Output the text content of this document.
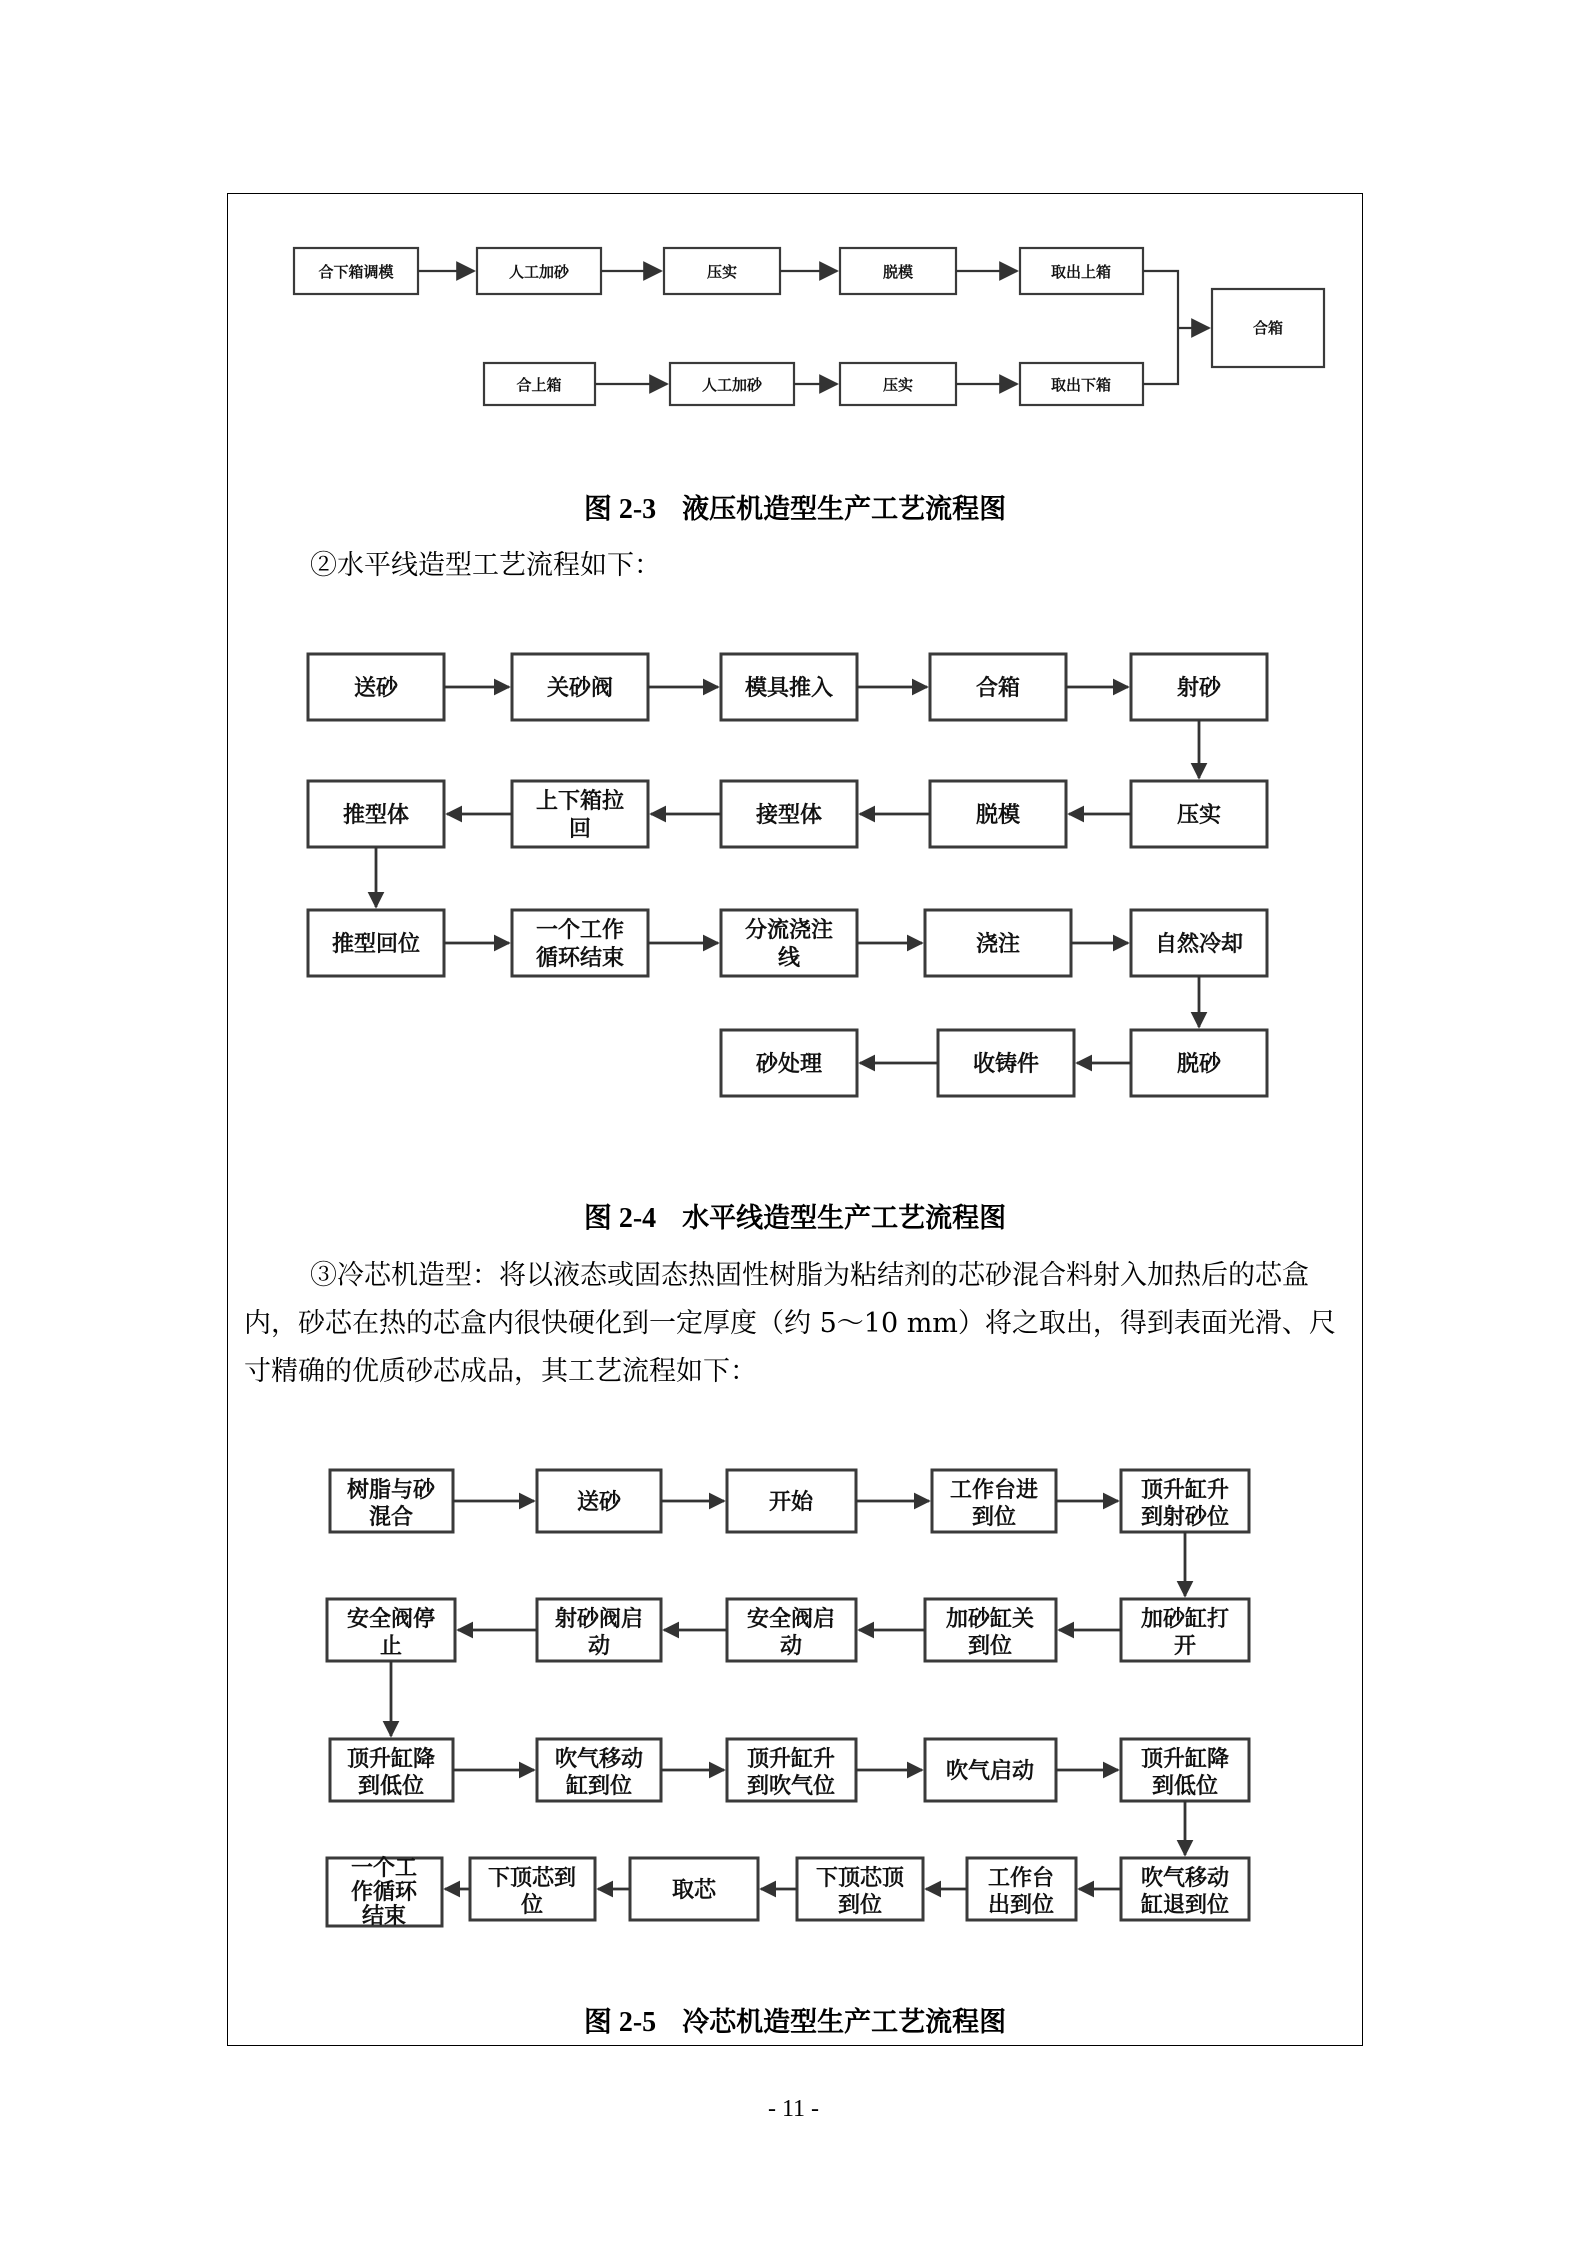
合下箱调模	人工加砂	压实	脱模	取出上箱
合上箱	人工加砂	压实	取出下箱
合箱
图 2-3 液压机造型生产工艺流程图
②水平线造型工艺流程如下：
送砂	关砂阀	模具推入	合箱	射砂
推型体
上下箱拉
回
接型体	脱模	压实
推型回位
一个工作
循环结束
分流浇注
线
浇注	自然冷却
砂处理	收铸件	脱砂
图 2-4 水平线造型生产工艺流程图
③冷芯机造型：将以液态或固态热固性树脂为粘结剂的芯砂混合料射入加热后的芯盒内，砂芯在热的芯盒内很快硬化到一定厚度（约 5～10 mm）将之取出，得到表面光滑、尺寸精确的优质砂芯成品，其工艺流程如下：
树脂与砂
混合
送砂	开始	工作台进
到位
顶升缸升
到射砂位
安全阀停
止
射砂阀启
动
安全阀启
动
加砂缸关
到位
加砂缸打
开
顶升缸降
到低位
吹气移动
缸到位
顶升缸升
到吹气位
吹气启动	顶升缸降
到低位
一个工
作循环
结束
下顶芯到
位
取芯	下顶芯顶
到位
工作台
出到位
吹气移动
缸退到位
图 2-5 冷芯机造型生产工艺流程图
- 11 -
